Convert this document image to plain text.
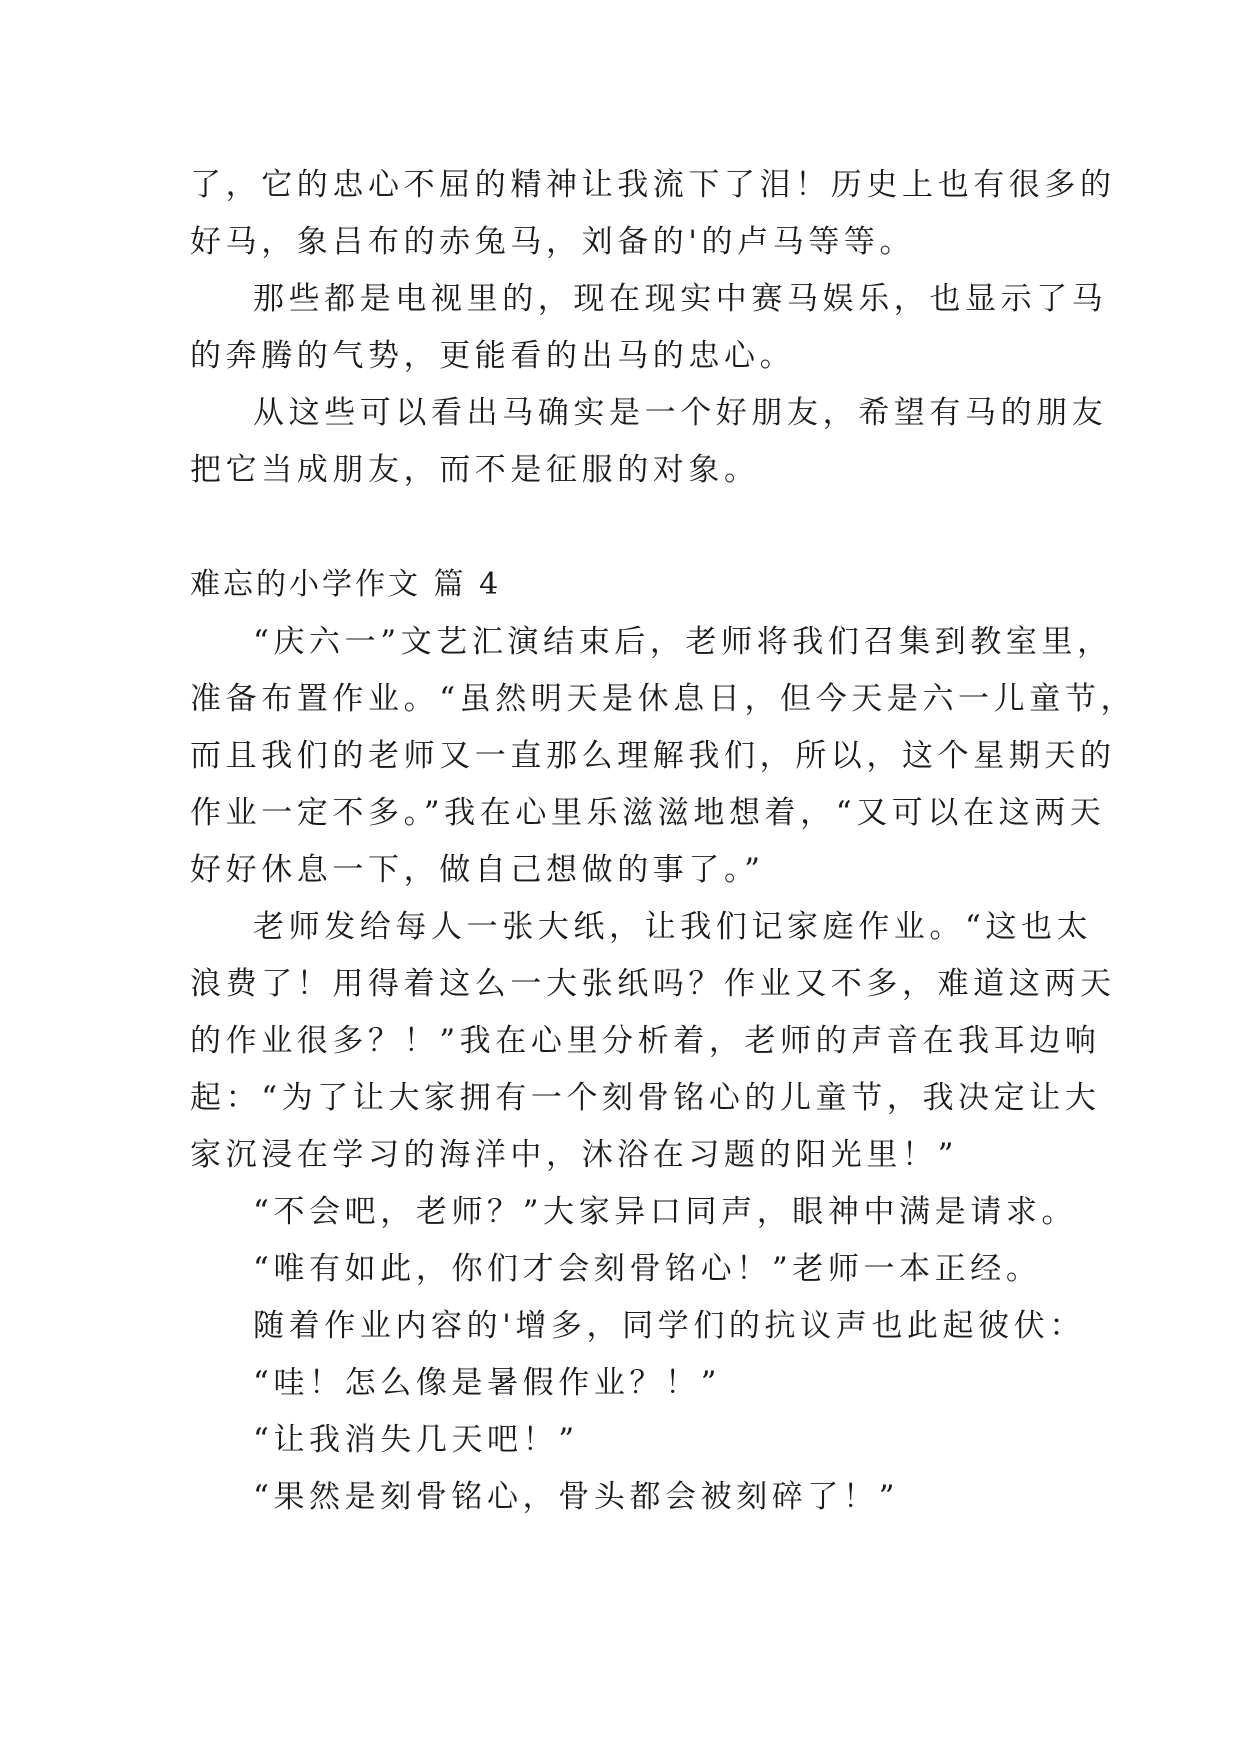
了，它的忠心不屈的精神让我流下了泪！历史上也有很多的
好马，象吕布的赤兔马，刘备的'的卢马等等。
那些都是电视里的，现在现实中赛马娱乐，也显示了马
的奔腾的气势，更能看的出马的忠心。
从这些可以看出马确实是一个好朋友，希望有马的朋友
把它当成朋友，而不是征服的对象。
难忘的小学作文 篇 4
“庆六一”文艺汇演结束后，老师将我们召集到教室里，
准备布置作业。“虽然明天是休息日，但今天是六一儿童节，
而且我们的老师又一直那么理解我们，所以，这个星期天的
作业一定不多。”我在心里乐滋滋地想着，“又可以在这两天
好好休息一下，做自己想做的事了。”
老师发给每人一张大纸，让我们记家庭作业。“这也太
浪费了！用得着这么一大张纸吗？作业又不多，难道这两天
的作业很多？！”我在心里分析着，老师的声音在我耳边响
起：“为了让大家拥有一个刻骨铭心的儿童节，我决定让大
家沉浸在学习的海洋中，沐浴在习题的阳光里！”
“不会吧，老师？”大家异口同声，眼神中满是请求。
“唯有如此，你们才会刻骨铭心！”老师一本正经。
随着作业内容的'增多，同学们的抗议声也此起彼伏：
“哇！怎么像是暑假作业？！”
“让我消失几天吧！”
“果然是刻骨铭心，骨头都会被刻碎了！”
